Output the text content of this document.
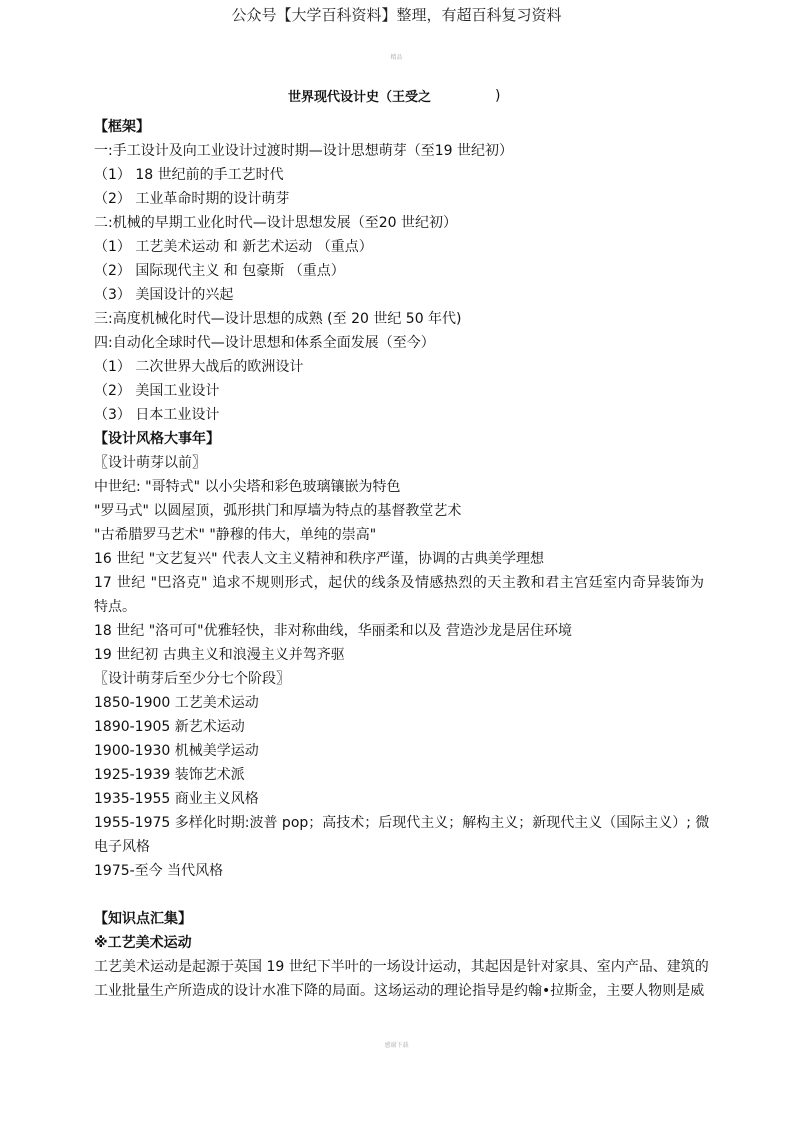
公众号【大学百科资料】整理，有超百科复习资料
精品
世界现代设计史（王受之	)
【框架】
一:手工设计及向工业设计过渡时期—设计思想萌芽（至19 世纪初）
（1） 18 世纪前的手工艺时代
（2） 工业革命时期的设计萌芽
二:机械的早期工业化时代—设计思想发展（至20 世纪初）
（1） 工艺美术运动 和 新艺术运动 （重点）
（2） 国际现代主义 和 包豪斯 （重点）
（3） 美国设计的兴起
三:高度机械化时代—设计思想的成熟 (至 20 世纪 50 年代)
四:自动化全球时代—设计思想和体系全面发展（至今）
（1） 二次世界大战后的欧洲设计
（2） 美国工业设计
（3） 日本工业设计
【设计风格大事年】
〖设计萌芽以前〗
中世纪: "哥特式" 以小尖塔和彩色玻璃镶嵌为特色
"罗马式" 以圆屋顶，弧形拱门和厚墙为特点的基督教堂艺术
"古希腊罗马艺术" "静穆的伟大，单纯的崇高"
16 世纪 "文艺复兴" 代表人文主义精神和秩序严谨，协调的古典美学理想
17 世纪 "巴洛克" 追求不规则形式，起伏的线条及情感热烈的天主教和君主宫廷室内奇异装饰为
特点。
18 世纪 "洛可可"优雅轻快，非对称曲线，华丽柔和以及 营造沙龙是居住环境
19 世纪初 古典主义和浪漫主义并驾齐驱
〖设计萌芽后至少分七个阶段〗
1850-1900 工艺美术运动
1890-1905 新艺术运动
1900-1930 机械美学运动
1925-1939 装饰艺术派
1935-1955 商业主义风格
1955-1975 多样化时期:波普 pop；高技术；后现代主义；解构主义；新现代主义（国际主义）; 微
电子风格
1975-至今 当代风格
【知识点汇集】
※工艺美术运动
工艺美术运动是起源于英国 19 世纪下半叶的一场设计运动，其起因是针对家具、室内产品、建筑的
工业批量生产所造成的设计水准下降的局面。这场运动的理论指导是约翰•拉斯金，主要人物则是威
感谢下载
